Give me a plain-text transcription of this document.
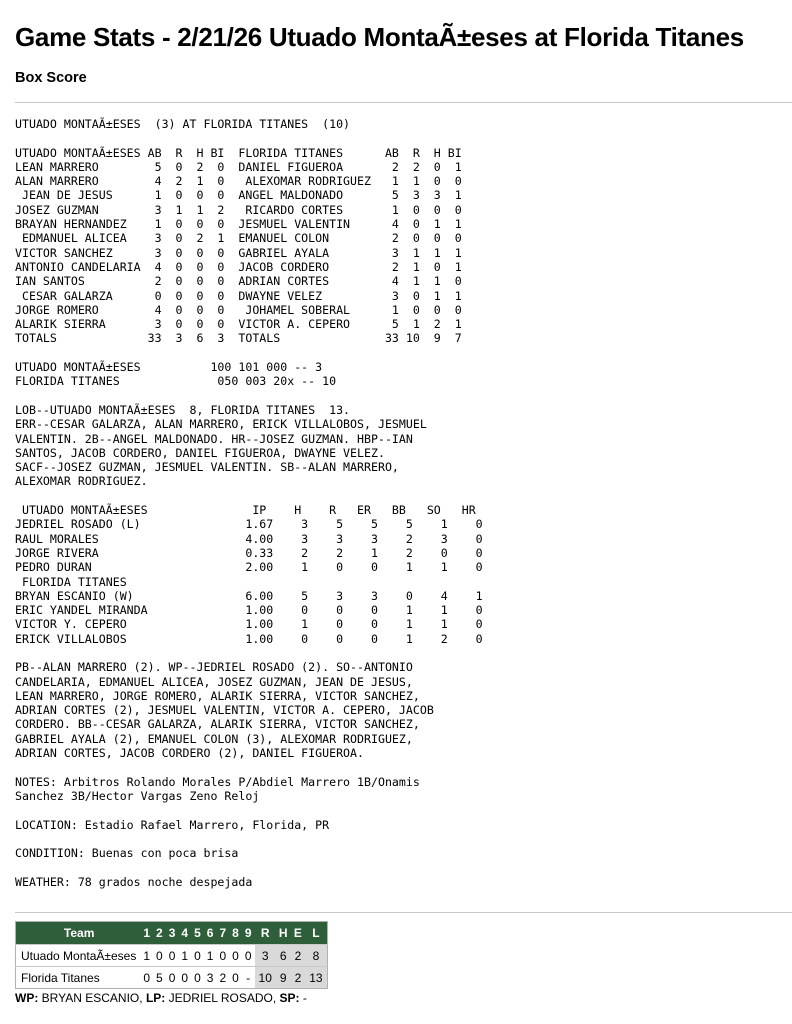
Game Stats - 2/21/26 Utuado MontaÃ±eses at Florida Titanes
Box Score
UTUADO MONTAÃ±ESES  (3) AT FLORIDA TITANES  (10)

UTUADO MONTAÃ±ESES AB  R  H BI  FLORIDA TITANES      AB  R  H BI
LEAN MARRERO        5  0  2  0  DANIEL FIGUEROA       2  2  0  1
ALAN MARRERO        4  2  1  0   ALEXOMAR RODRIGUEZ   1  1  0  0
JEAN DE JESUS      1  0  0  0  ANGEL MALDONADO       5  3  3  1
JOSEZ GUZMAN        3  1  1  2   RICARDO CORTES       1  0  0  0
BRAYAN HERNANDEZ    1  0  0  0  JESMUEL VALENTIN      4  0  1  1
EDMANUEL ALICEA    3  0  2  1  EMANUEL COLON         2  0  0  0
VICTOR SANCHEZ      3  0  0  0  GABRIEL AYALA         3  1  1  1
ANTONIO CANDELARIA  4  0  0  0  JACOB CORDERO         2  1  0  1
IAN SANTOS          2  0  0  0  ADRIAN CORTES         4  1  1  0
CESAR GALARZA      0  0  0  0  DWAYNE VELEZ          3  0  1  1
JORGE ROMERO        4  0  0  0   JOHAMEL SOBERAL      1  0  0  0
ALARIK SIERRA       3  0  0  0  VICTOR A. CEPERO      5  1  2  1
TOTALS             33  3  6  3  TOTALS               33 10  9  7

UTUADO MONTAÃ±ESES          100 101 000 -- 3
FLORIDA TITANES              050 003 20x -- 10

LOB--UTUADO MONTAÃ±ESES  8, FLORIDA TITANES  13.
ERR--CESAR GALARZA, ALAN MARRERO, ERICK VILLALOBOS, JESMUEL
VALENTIN. 2B--ANGEL MALDONADO. HR--JOSEZ GUZMAN. HBP--IAN
SANTOS, JACOB CORDERO, DANIEL FIGUEROA, DWAYNE VELEZ.
SACF--JOSEZ GUZMAN, JESMUEL VALENTIN. SB--ALAN MARRERO,
ALEXOMAR RODRIGUEZ.

UTUADO MONTAÃ±ESES               IP    H    R   ER   BB   SO   HR
JEDRIEL ROSADO (L)               1.67    3    5    5    5    1    0
RAUL MORALES                     4.00    3    3    3    2    3    0
JORGE RIVERA                     0.33    2    2    1    2    0    0
PEDRO DURAN                      2.00    1    0    0    1    1    0
FLORIDA TITANES
BRYAN ESCANIO (W)                6.00    5    3    3    0    4    1
ERIC YANDEL MIRANDA              1.00    0    0    0    1    1    0
VICTOR Y. CEPERO                 1.00    1    0    0    1    1    0
ERICK VILLALOBOS                 1.00    0    0    0    1    2    0

PB--ALAN MARRERO (2). WP--JEDRIEL ROSADO (2). SO--ANTONIO
CANDELARIA, EDMANUEL ALICEA, JOSEZ GUZMAN, JEAN DE JESUS,
LEAN MARRERO, JORGE ROMERO, ALARIK SIERRA, VICTOR SANCHEZ,
ADRIAN CORTES (2), JESMUEL VALENTIN, VICTOR A. CEPERO, JACOB
CORDERO. BB--CESAR GALARZA, ALARIK SIERRA, VICTOR SANCHEZ,
GABRIEL AYALA (2), EMANUEL COLON (3), ALEXOMAR RODRIGUEZ,
ADRIAN CORTES, JACOB CORDERO (2), DANIEL FIGUEROA.

NOTES: Arbitros Rolando Morales P/Abdiel Marrero 1B/Onamis
Sanchez 3B/Hector Vargas Zeno Reloj

LOCATION: Estadio Rafael Marrero, Florida, PR

CONDITION: Buenas con poca brisa

WEATHER: 78 grados noche despejada
Team	1	2	3	4	5	6	7	8	9	R	H	E	L
Utuado MontaÃ±eses	1	0	0	1	0	1	0	0	0	3	6	2	8
Florida Titanes	0	5	0	0	0	3	2	0	-	10	9	2	13
WP: BRYAN ESCANIO, LP: JEDRIEL ROSADO, SP: -
